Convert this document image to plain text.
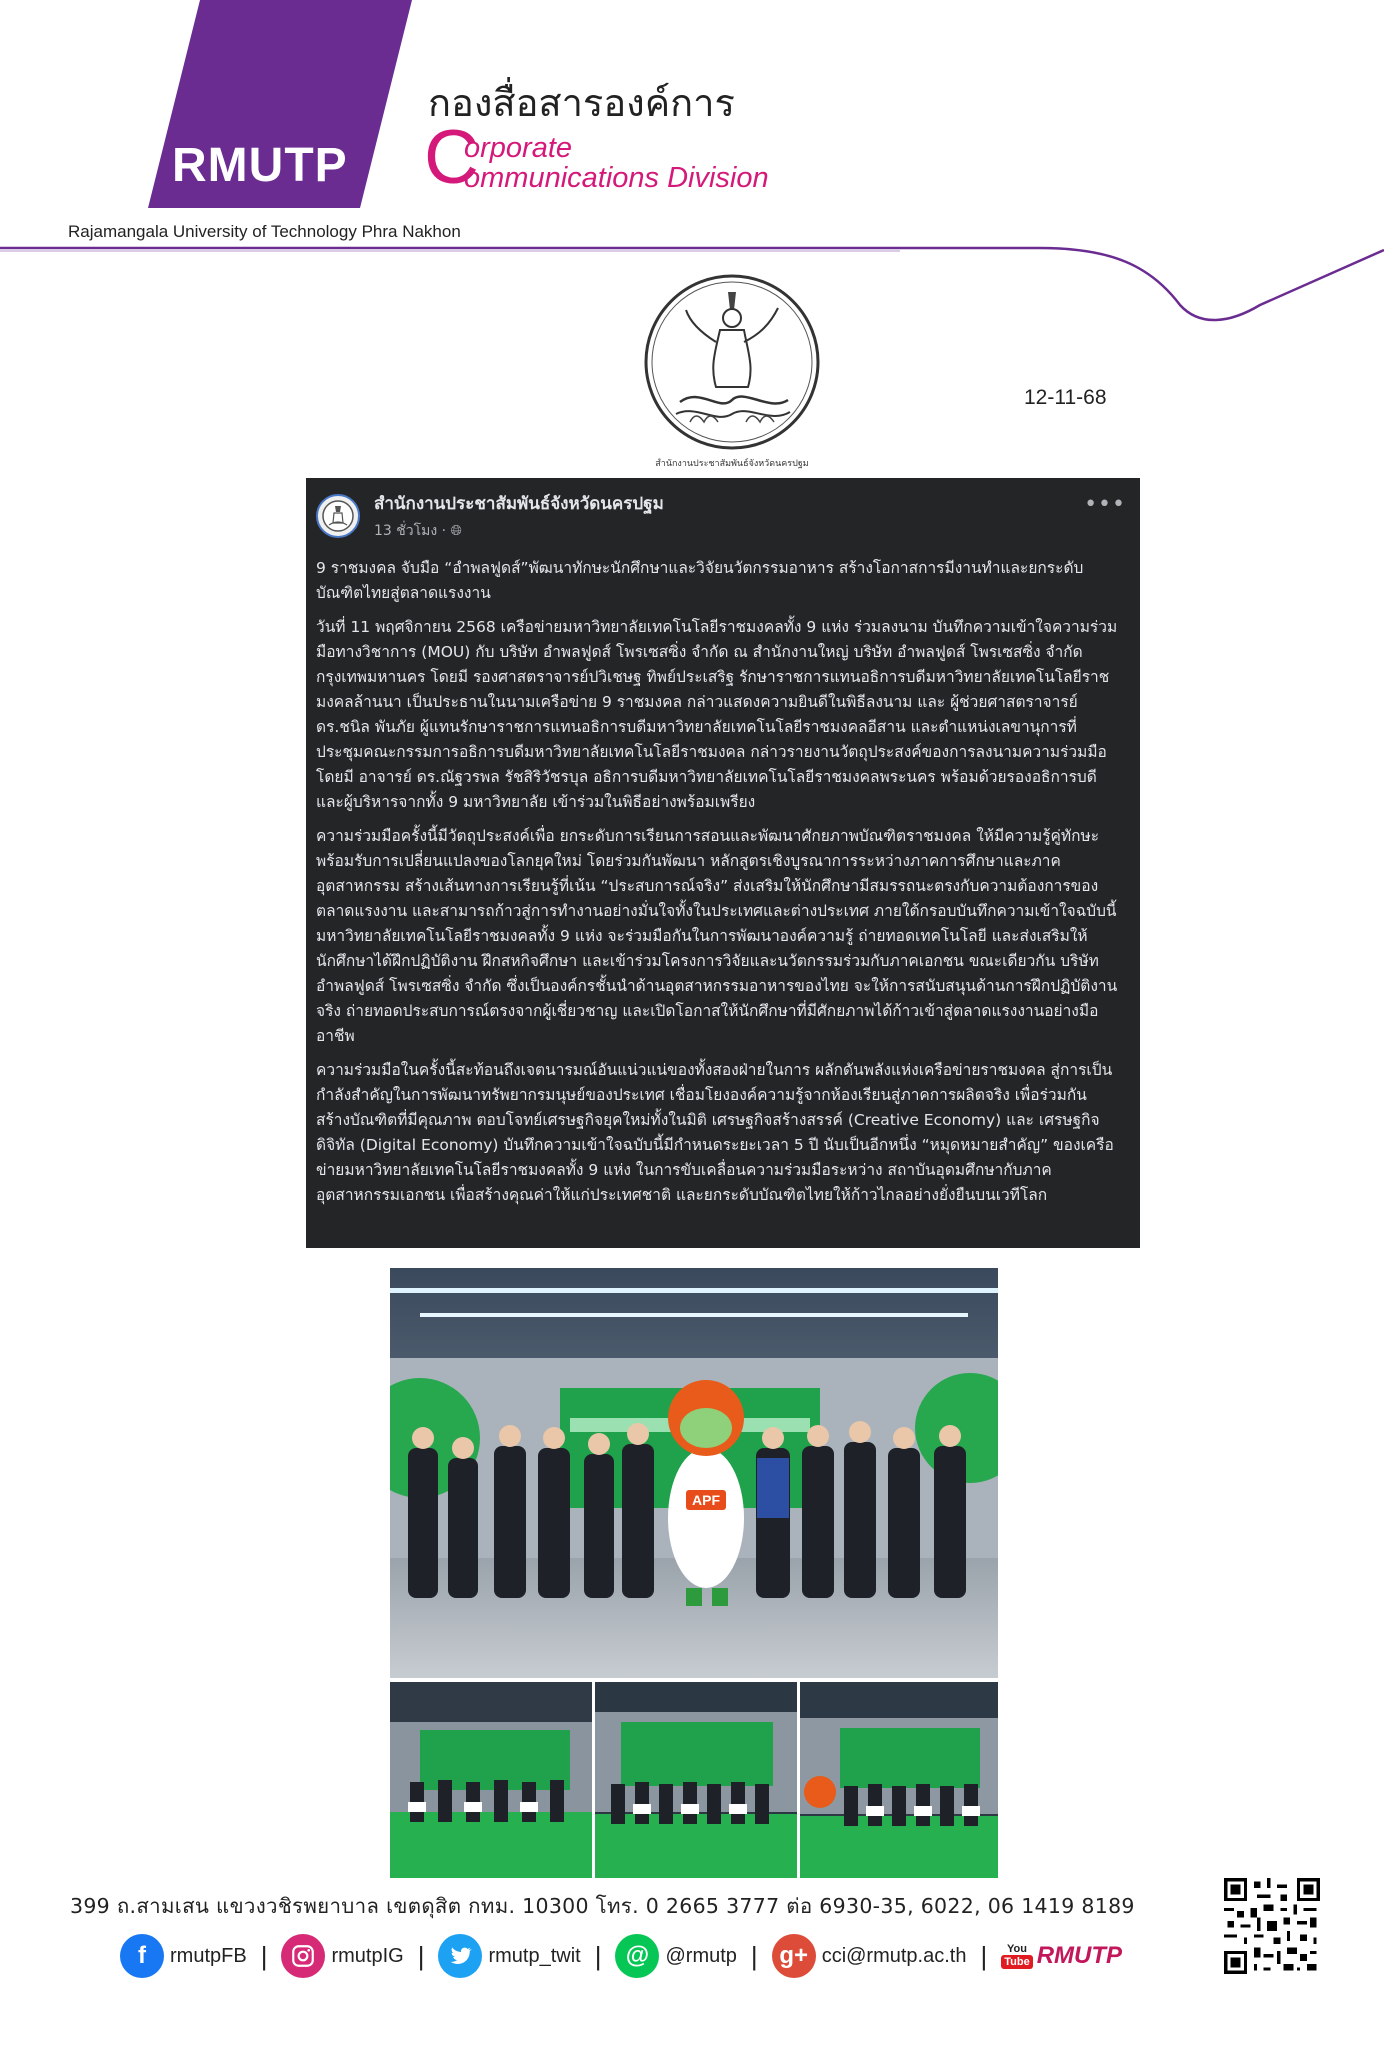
RMUTP
กองสื่อสารองค์การ
C
orporate
ommunications Division
Rajamangala University of Technology Phra Nakhon
สำนักงานประชาสัมพันธ์จังหวัดนครปฐม
12-11-68
สำนักงานประชาสัมพันธ์จังหวัดนครปฐม
13 ชั่วโมง · 🌐︎
•••

9 ราชมงคล จับมือ “อำพลฟูดส์”พัฒนาทักษะนักศึกษาและวิจัยนวัตกรรมอาหาร สร้างโอกาสการมีงานทำและยกระดับบัณฑิตไทยสู่ตลาดแรงงาน

วันที่ 11 พฤศจิกายน 2568 เครือข่ายมหาวิทยาลัยเทคโนโลยีราชมงคลทั้ง 9 แห่ง ร่วมลงนาม บันทึกความเข้าใจความร่วมมือทางวิชาการ (MOU) กับ บริษัท อำพลฟูดส์ โพรเซสซิ่ง จำกัด ณ สำนักงานใหญ่ บริษัท อำพลฟูดส์ โพรเซสซิ่ง จำกัด กรุงเทพมหานคร โดยมี รองศาสตราจารย์ปวิเชษฐ ทิพย์ประเสริฐ รักษาราชการแทนอธิการบดีมหาวิทยาลัยเทคโนโลยีราชมงคลล้านนา เป็นประธานในนามเครือข่าย 9 ราชมงคล กล่าวแสดงความยินดีในพิธีลงนาม และ ผู้ช่วยศาสตราจารย์ ดร.ชนิล พันภัย ผู้แทนรักษาราชการแทนอธิการบดีมหาวิทยาลัยเทคโนโลยีราชมงคลอีสาน และตำแหน่งเลขานุการที่ประชุมคณะกรรมการอธิการบดีมหาวิทยาลัยเทคโนโลยีราชมงคล กล่าวรายงานวัตถุประสงค์ของการลงนามความร่วมมือ โดยมี อาจารย์ ดร.ณัฐวรพล รัชสิริวัชรบุล อธิการบดีมหาวิทยาลัยเทคโนโลยีราชมงคลพระนคร พร้อมด้วยรองอธิการบดีและผู้บริหารจากทั้ง 9 มหาวิทยาลัย เข้าร่วมในพิธีอย่างพร้อมเพรียง

ความร่วมมือครั้งนี้มีวัตถุประสงค์เพื่อ ยกระดับการเรียนการสอนและพัฒนาศักยภาพบัณฑิตราชมงคล ให้มีความรู้คู่ทักษะ พร้อมรับการเปลี่ยนแปลงของโลกยุคใหม่ โดยร่วมกันพัฒนา หลักสูตรเชิงบูรณาการระหว่างภาคการศึกษาและภาคอุตสาหกรรม สร้างเส้นทางการเรียนรู้ที่เน้น “ประสบการณ์จริง” ส่งเสริมให้นักศึกษามีสมรรถนะตรงกับความต้องการของตลาดแรงงาน และสามารถก้าวสู่การทำงานอย่างมั่นใจทั้งในประเทศและต่างประเทศ ภายใต้กรอบบันทึกความเข้าใจฉบับนี้ มหาวิทยาลัยเทคโนโลยีราชมงคลทั้ง 9 แห่ง จะร่วมมือกันในการพัฒนาองค์ความรู้ ถ่ายทอดเทคโนโลยี และส่งเสริมให้นักศึกษาได้ฝึกปฏิบัติงาน ฝึกสหกิจศึกษา และเข้าร่วมโครงการวิจัยและนวัตกรรมร่วมกับภาคเอกชน ขณะเดียวกัน บริษัท อำพลฟูดส์ โพรเซสซิ่ง จำกัด ซึ่งเป็นองค์กรชั้นนำด้านอุตสาหกรรมอาหารของไทย จะให้การสนับสนุนด้านการฝึกปฏิบัติงานจริง ถ่ายทอดประสบการณ์ตรงจากผู้เชี่ยวชาญ และเปิดโอกาสให้นักศึกษาที่มีศักยภาพได้ก้าวเข้าสู่ตลาดแรงงานอย่างมืออาชีพ

ความร่วมมือในครั้งนี้สะท้อนถึงเจตนารมณ์อันแน่วแน่ของทั้งสองฝ่ายในการ ผลักดันพลังแห่งเครือข่ายราชมงคล สู่การเป็นกำลังสำคัญในการพัฒนาทรัพยากรมนุษย์ของประเทศ เชื่อมโยงองค์ความรู้จากห้องเรียนสู่ภาคการผลิตจริง เพื่อร่วมกันสร้างบัณฑิตที่มีคุณภาพ ตอบโจทย์เศรษฐกิจยุคใหม่ทั้งในมิติ เศรษฐกิจสร้างสรรค์ (Creative Economy) และ เศรษฐกิจดิจิทัล (Digital Economy) บันทึกความเข้าใจฉบับนี้มีกำหนดระยะเวลา 5 ปี นับเป็นอีกหนึ่ง “หมุดหมายสำคัญ” ของเครือข่ายมหาวิทยาลัยเทคโนโลยีราชมงคลทั้ง 9 แห่ง ในการขับเคลื่อนความร่วมมือระหว่าง สถาบันอุดมศึกษากับภาคอุตสาหกรรมเอกชน เพื่อสร้างคุณค่าให้แก่ประเทศชาติ และยกระดับบัณฑิตไทยให้ก้าวไกลอย่างยั่งยืนบนเวทีโลก

APF
399 ถ.สามเสน แขวงวชิรพยาบาล เขตดุสิต กทม. 10300 โทร. 0 2665 3777 ต่อ 6930-35, 6022, 06 1419 8189
f	rmutpFB |	rmutpIG |	rmutp_twit |	@ @rmutp | g+ cci@rmutp.ac.th | You
Tube RMUTP
